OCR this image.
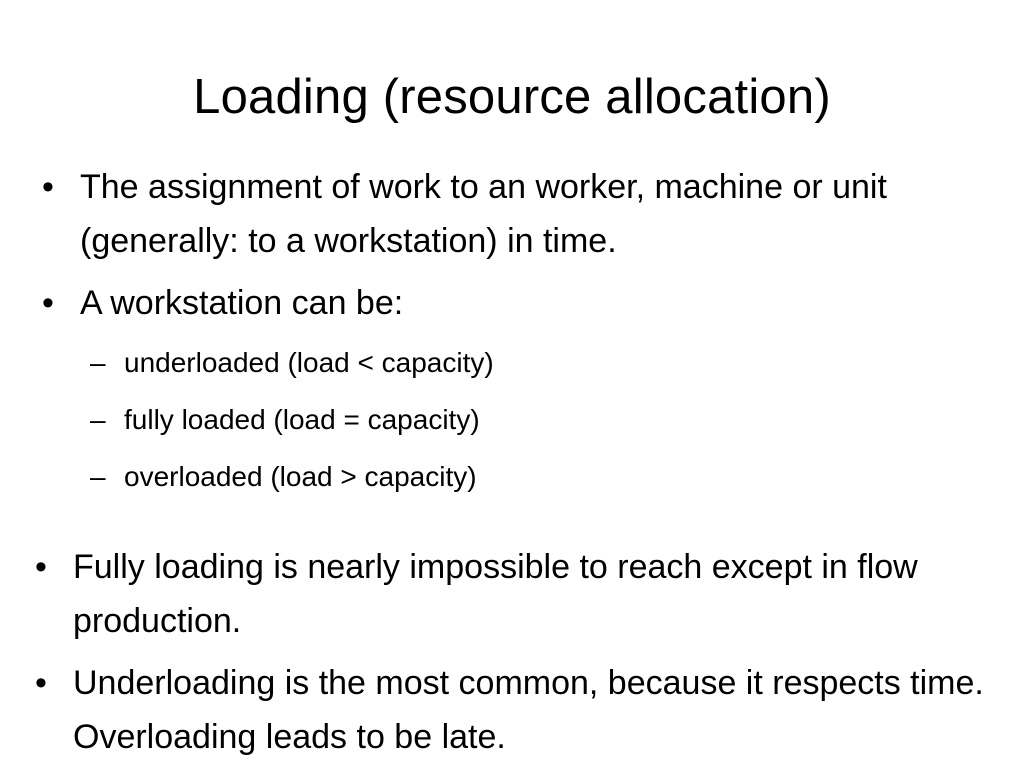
Loading (resource allocation)
• The assignment of work to an worker, machine or unit (generally: to a workstation) in time.
• A workstation can be:
– underloaded (load < capacity)
– fully loaded (load = capacity)
– overloaded (load > capacity)
• Fully loading is nearly impossible to reach except in flow production.
• Underloading is the most common, because it respects time. Overloading leads to be late.
